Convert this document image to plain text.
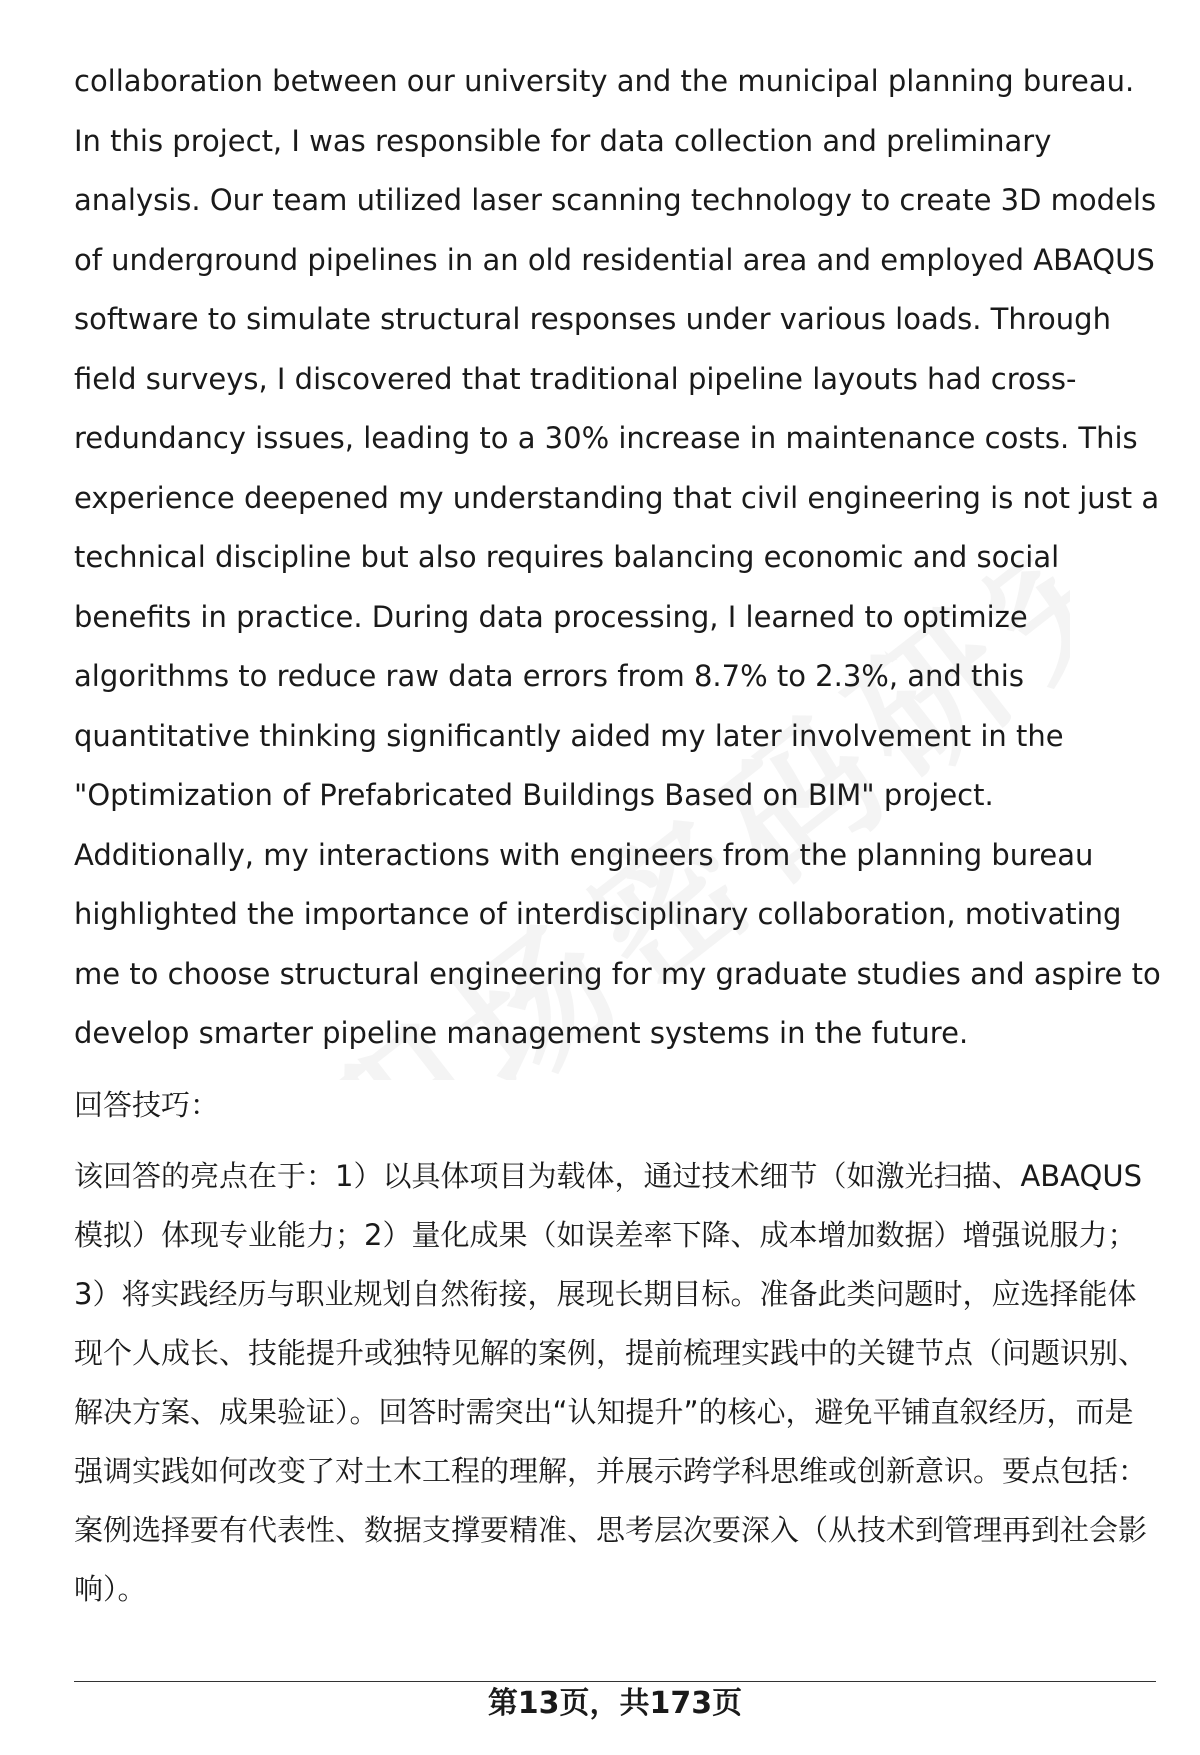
collaboration between our university and the municipal planning bureau. In this project, I was responsible for data collection and preliminary analysis. Our team utilized laser scanning technology to create 3D models of underground pipelines in an old residential area and employed ABAQUS software to simulate structural responses under various loads. Through field surveys, I discovered that traditional pipeline layouts had cross-redundancy issues, leading to a 30% increase in maintenance costs. This experience deepened my understanding that civil engineering is not just a technical discipline but also requires balancing economic and social benefits in practice. During data processing, I learned to optimize algorithms to reduce raw data errors from 8.7% to 2.3%, and this quantitative thinking significantly aided my later involvement in the "Optimization of Prefabricated Buildings Based on BIM" project. Additionally, my interactions with engineers from the planning bureau highlighted the importance of interdisciplinary collaboration, motivating me to choose structural engineering for my graduate studies and aspire to develop smarter pipeline management systems in the future.

回答技巧：

该回答的亮点在于：1）以具体项目为载体，通过技术细节（如激光扫描、ABAQUS模拟）体现专业能力；2）量化成果（如误差率下降、成本增加数据）增强说服力；3）将实践经历与职业规划自然衔接，展现长期目标。准备此类问题时，应选择能体现个人成长、技能提升或独特见解的案例，提前梳理实践中的关键节点（问题识别、解决方案、成果验证）。回答时需突出“认知提升”的核心，避免平铺直叙经历，而是强调实践如何改变了对土木工程的理解，并展示跨学科思维或创新意识。要点包括：案例选择要有代表性、数据支撑要精准、思考层次要深入（从技术到管理再到社会影响）。

第13页，共173页
